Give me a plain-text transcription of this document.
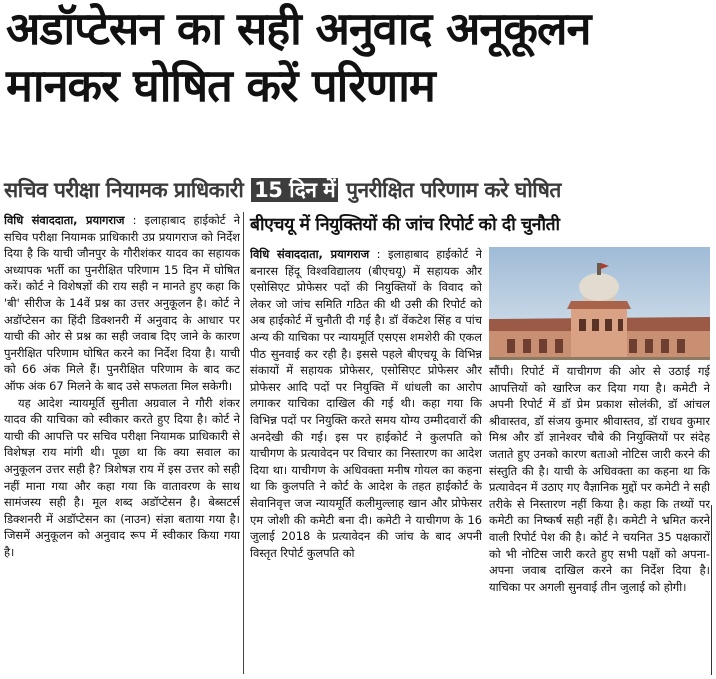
अडॉप्टेसन का सही अनुवाद अनूकूलन
मानकर घोषित करें परिणाम
सचिव परीक्षा नियामक प्राधिकारी 15 दिन में पुनरीक्षित परिणाम करे घोषित

विधि संवाददाता, प्रयागराज : इलाहाबाद हाईकोर्ट ने सचिव परीक्षा नियामक प्राधिकारी उप्र प्रयागराज को निर्देश दिया है कि याची जौनपुर के गौरीशंकर यादव का सहायक अध्यापक भर्ती का पुनरीक्षित परिणाम 15 दिन में घोषित करें। कोर्ट ने विशेषज्ञों की राय सही न मानते हुए कहा कि 'बी' सीरीज के 14वें प्रश्न का उत्तर अनुकूलन है। कोर्ट ने अडॉप्टेसन का हिंदी डिक्शनरी में अनुवाद के आधार पर याची की ओर से प्रश्न का सही जवाब दिए जाने के कारण पुनरीक्षित परिणाम घोषित करने का निर्देश दिया है। याची को 66 अंक मिले हैं। पुनरीक्षित परिणाम के बाद कट ऑफ अंक 67 मिलने के बाद उसे सफलता मिल सकेगी।

यह आदेश न्यायमूर्ति सुनीता अग्रवाल ने गौरी शंकर यादव की याचिका को स्वीकार करते हुए दिया है। कोर्ट ने याची की आपत्ति पर सचिव परीक्षा नियामक प्राधिकारी से विशेषज्ञ राय मांगी थी। पूछा था कि क्या सवाल का अनुकूलन उत्तर सही है? त्रिशेषज्ञ राय में इस उत्तर को सही नहीं माना गया और कहा गया कि वातावरण के साथ सामंजस्य सही है। मूल शब्द अडॉप्टेसन है। बेब्सटर्स डिक्शनरी में अडॉप्टेसन का (नाउन) संज्ञा बताया गया है। जिसमें अनुकूलन को अनुवाद रूप में स्वीकार किया गया है।

बीएचयू में नियुक्तियों की जांच रिपोर्ट को दी चुनौती

विधि संवाददाता, प्रयागराज : इलाहाबाद हाईकोर्ट ने बनारस हिंदू विश्वविद्यालय (बीएचयू) में सहायक और एसोसिएट प्रोफेसर पदों की नियुक्तियों के विवाद को लेकर जो जांच समिति गठित की थी उसी की रिपोर्ट को अब हाईकोर्ट में चुनौती दी गई है। डॉ वेंकटेश सिंह व पांच अन्य की याचिका पर न्यायमूर्ति एसएस शमशेरी की एकल पीठ सुनवाई कर रही है। इससे पहले बीएचयू के विभिन्न संकायों में सहायक प्रोफेसर, एसोसिएट प्रोफेसर और प्रोफेसर आदि पदों पर नियुक्ति में धांधली का आरोप लगाकर याचिका दाखिल की गई थी। कहा गया कि विभिन्न पदों पर नियुक्ति करते समय योग्य उम्मीदवारों की अनदेखी की गई। इस पर हाईकोर्ट ने कुलपति को याचीगण के प्रत्यावेदन पर विचार का निस्तारण का आदेश दिया था। याचीगण के अधिवक्ता मनीष गोयल का कहना था कि कुलपति ने कोर्ट के आदेश के तहत हाईकोर्ट के सेवानिवृत्त जज न्यायमूर्ति कलीमुल्लाह खान और प्रोफेसर एम जोशी की कमेटी बना दी। कमेटी ने याचीगण के 16 जुलाई 2018 के प्रत्यावेदन की जांच के बाद अपनी विस्तृत रिपोर्ट कुलपति को

सौंपी। रिपोर्ट में याचीगण की ओर से उठाई गई आपत्तियों को खारिज कर दिया गया है। कमेटी ने अपनी रिपोर्ट में डॉ प्रेम प्रकाश सोलंकी, डॉ आंचल श्रीवास्तव, डॉ संजय कुमार श्रीवास्तव, डॉ राधव कुमार मिश्र और डॉ ज्ञानेश्वर चौबे की नियुक्तियों पर संदेह जताते हुए उनको कारण बताओ नोटिस जारी करने की संस्तुति की है। याची के अधिवक्ता का कहना था कि प्रत्यावेदन में उठाए गए वैज्ञानिक मुद्दों पर कमेटी ने सही तरीके से निस्तारण नहीं किया है। कहा कि तथ्यों पर कमेटी का निष्कर्ष सही नहीं है। कमेटी ने भ्रमित करने वाली रिपोर्ट पेश की है। कोर्ट ने चयनित 35 पक्षकारों को भी नोटिस जारी करते हुए सभी पक्षों को अपना-अपना जवाब दाखिल करने का निर्देश दिया है। याचिका पर अगली सुनवाई तीन जुलाई को होगी।
